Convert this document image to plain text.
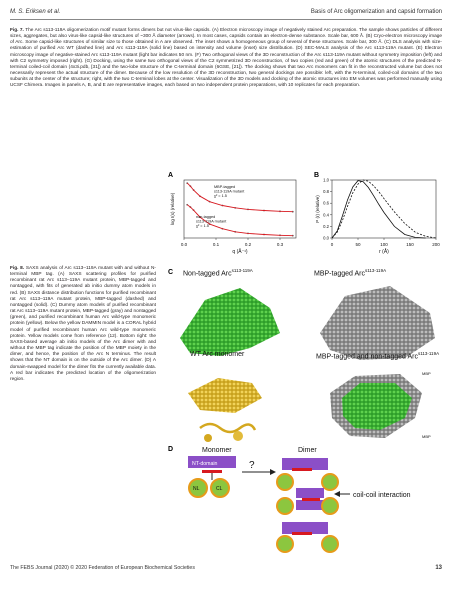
M. S. Eriksen et al.	Basis of Arc oligomerization and capsid formation
Fig. 7. The Arc s113-119A oligomerization motif mutant forms dimers but not virus-like capsids. (A) Electron microscopy image of negatively stained Arc preparation. The sample shows particles of different sizes, aggregates, but also virus-like capsid-like structures of ~300 Å diameter (arrows). In most cases, capsids contain an electron-dense substance. Scale bar, 600 Å. (B) Cryo-electron microscopy image of Arc. Some capsid-like structures of similar size to those obtained in A are observed. The inset shows a homogeneous group of several of these structures. Scale bar, 300 Å. (C) DLS analysis with size-estimation of purified Arc WT (dashed line) and Arc s113-119A (solid line) based on intensity and volume (inset) size distribution. (D) SEC-MALS analysis of the Arc s113-119A mutant. (E) Electron microscopy image of negative-stained Arc s113-119A mutant (light bar indicates 50 nm. (F) Two orthogonal views of the 3D reconstruction of the Arc s113-119A mutant without symmetry imposition (left) and with C2 symmetry imposed (right). (G) Docking, using the same two orthogonal views of the C2 symmetrized 3D reconstruction, of two copies (red and green) of the atomic structures of the predicted N-terminal coiled-coil domain (4x3i.pdb, [31]) and the two-lobe structure of the C-terminal domain (6GSE, [21]). The docking shows that two Arc monomers can fit in the reconstructed volume but does not necessarily represent the actual structure of the dimer. Because of the low resolution of the 3D reconstruction, two general dockings are possible: left, with the N-terminal, coiled-coil domains of the two subunits at the center of the structure; right, with the two C-terminal lobes at the center. Visualization of the 3D models and docking of the atomic structures into EM volumes was performed manually using UCSF Chimera. Images in panels A, B, and E are representative images, each based on two independent protein preparations, with 10 replicates for each preparation.
A
0.0	0.1	0.2	0.3
q (Å⁻¹)
log I(s) (relative)
MBP-tagged
s113-119A mutant
χ² = 1.5
non-tagged
s113-119A mutant
χ² = 1.5
B
0	50	100	150	200
0.0
0.2
0.4
0.6
0.8
1.0
r (Å)
P (r) (relative)
C Non-tagged Arc$^{s113-119A}$	MBP-tagged Arc$^{s113-119A}$
MBP
MBP
WT Arc monomer	MBP-tagged and non-tagged Arc$^{s113-119A}$
D	Monomer	Dimer
NT-domain
NL	CL
?
coil-coil interaction
Fig. 8. SAXS analysis of Arc s113–119A mutant with and without N-terminal MBP tag. (A) SAXS scattering profiles for purified recombinant rat Arc s113–119A mutant protein, MBP-tagged and nontagged, with fits of generated ab initio dummy atom models in red. (B) SAXS distance distribution functions for purified recombinant rat Arc s113–119A mutant protein, MBP-tagged (dashed) and nontagged (solid). (C) Dummy atom models of purified recombinant rat Arc s113–119A mutant protein, MBP-tagged (gray) and nontagged (green), and purified recombinant human Arc wild-type monomeric protein (yellow). Below the yellow DAMMIN model is a CORAL hybrid model of purified recombinant human Arc wild-type monomeric protein. Yellow models come from reference (12). Bottom right: the SAXS-based average ab initio models of the Arc dimer with and without the MBP tag indicate the position of the MBP moiety in the dimer, and hence, the position of the Arc N terminus. The result shows that the NT domain is on the outside of the Arc dimer. (D) A domain-swapped model for the dimer fits the currently available data. A red bar indicates the predicted location of the oligomerization region.
The FEBS Journal (2020) © 2020 Federation of European Biochemical Societies	13
